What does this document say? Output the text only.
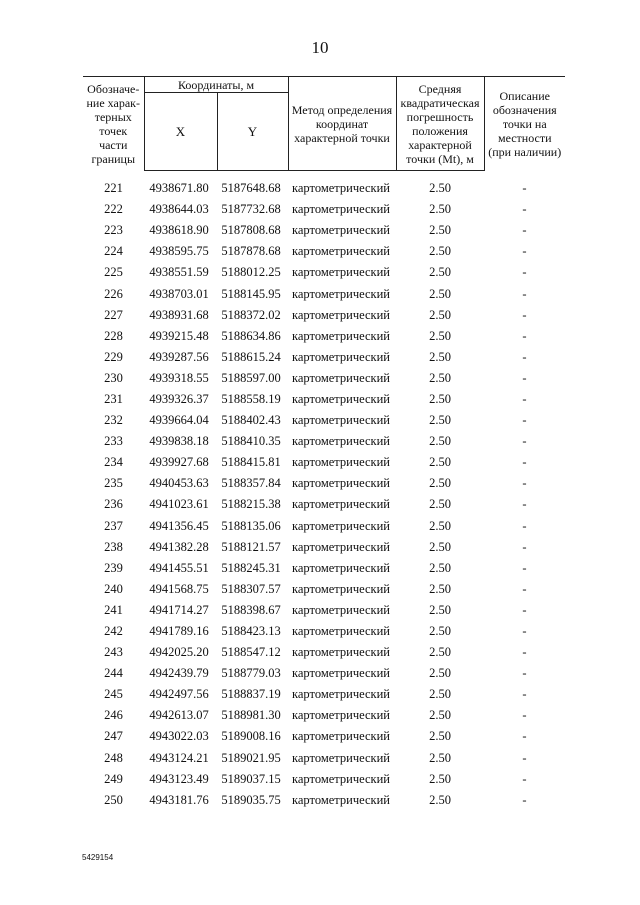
10
Обозначе-ние харак-терных точек части границы	Координаты, м		Метод определения координат характерной точки	Средняя квадратическая погрешность положения характерной точки (Mt), м	Описание обозначения точки на местности (при наличии)
	X	Y			
221	4938671.80	5187648.68	картометрический	2.50	-
222	4938644.03	5187732.68	картометрический	2.50	-
223	4938618.90	5187808.68	картометрический	2.50	-
224	4938595.75	5187878.68	картометрический	2.50	-
225	4938551.59	5188012.25	картометрический	2.50	-
226	4938703.01	5188145.95	картометрический	2.50	-
227	4938931.68	5188372.02	картометрический	2.50	-
228	4939215.48	5188634.86	картометрический	2.50	-
229	4939287.56	5188615.24	картометрический	2.50	-
230	4939318.55	5188597.00	картометрический	2.50	-
231	4939326.37	5188558.19	картометрический	2.50	-
232	4939664.04	5188402.43	картометрический	2.50	-
233	4939838.18	5188410.35	картометрический	2.50	-
234	4939927.68	5188415.81	картометрический	2.50	-
235	4940453.63	5188357.84	картометрический	2.50	-
236	4941023.61	5188215.38	картометрический	2.50	-
237	4941356.45	5188135.06	картометрический	2.50	-
238	4941382.28	5188121.57	картометрический	2.50	-
239	4941455.51	5188245.31	картометрический	2.50	-
240	4941568.75	5188307.57	картометрический	2.50	-
241	4941714.27	5188398.67	картометрический	2.50	-
242	4941789.16	5188423.13	картометрический	2.50	-
243	4942025.20	5188547.12	картометрический	2.50	-
244	4942439.79	5188779.03	картометрический	2.50	-
245	4942497.56	5188837.19	картометрический	2.50	-
246	4942613.07	5188981.30	картометрический	2.50	-
247	4943022.03	5189008.16	картометрический	2.50	-
248	4943124.21	5189021.95	картометрический	2.50	-
249	4943123.49	5189037.15	картометрический	2.50	-
250	4943181.76	5189035.75	картометрический	2.50	-
5429154
